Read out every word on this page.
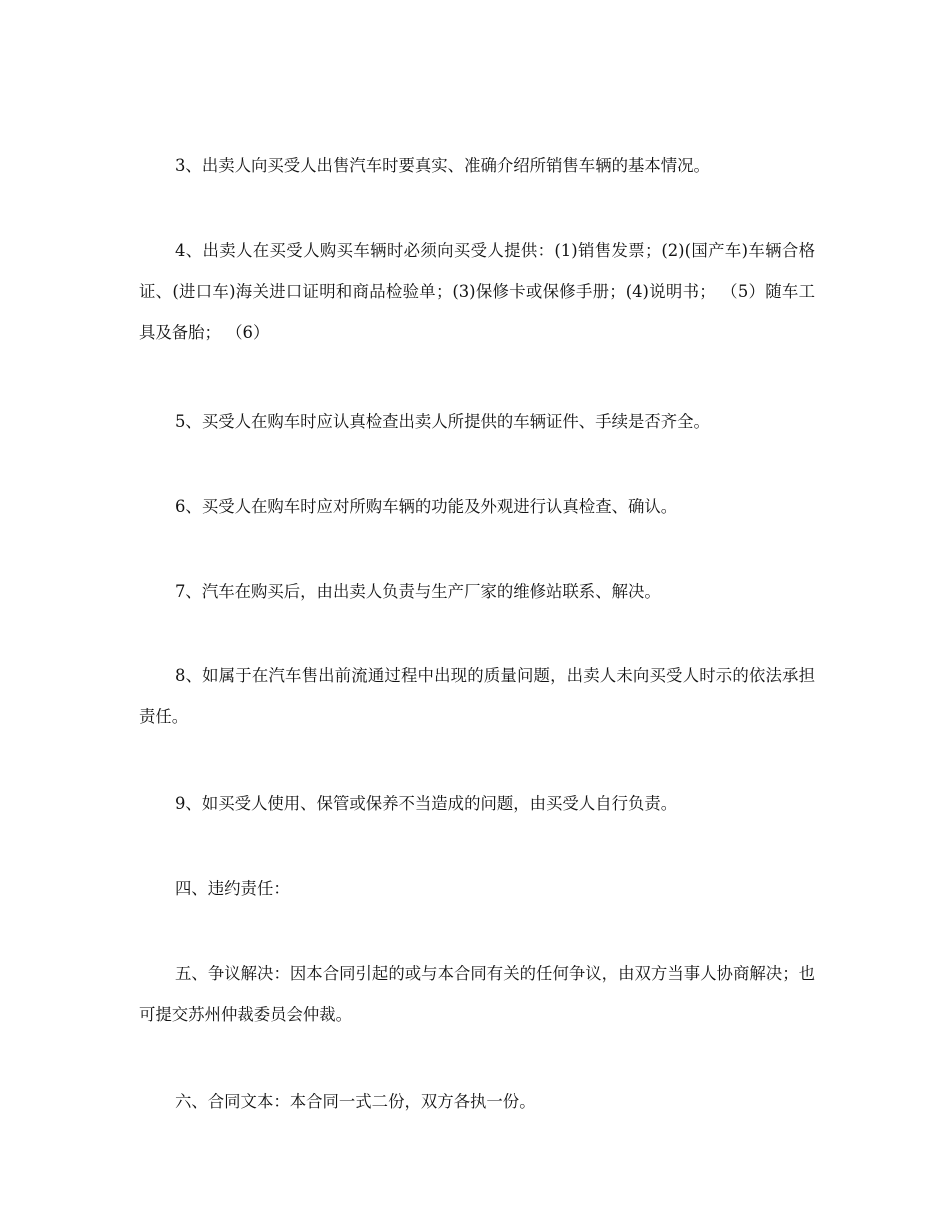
3、出卖人向买受人出售汽车时要真实、准确介绍所销售车辆的基本情况。

4、出卖人在买受人购买车辆时必须向买受人提供：(1)销售发票；(2)(国产车)车辆合格证、(进口车)海关进口证明和商品检验单；(3)保修卡或保修手册；(4)说明书； （5）随车工具及备胎； （6）

5、买受人在购车时应认真检查出卖人所提供的车辆证件、手续是否齐全。

6、买受人在购车时应对所购车辆的功能及外观进行认真检查、确认。

7、汽车在购买后，由出卖人负责与生产厂家的维修站联系、解决。

8、如属于在汽车售出前流通过程中出现的质量问题，出卖人未向买受人时示的依法承担责任。

9、如买受人使用、保管或保养不当造成的问题，由买受人自行负责。

四、违约责任：

五、争议解决：因本合同引起的或与本合同有关的任何争议，由双方当事人协商解决；也可提交苏州仲裁委员会仲裁。

六、合同文本：本合同一式二份，双方各执一份。
